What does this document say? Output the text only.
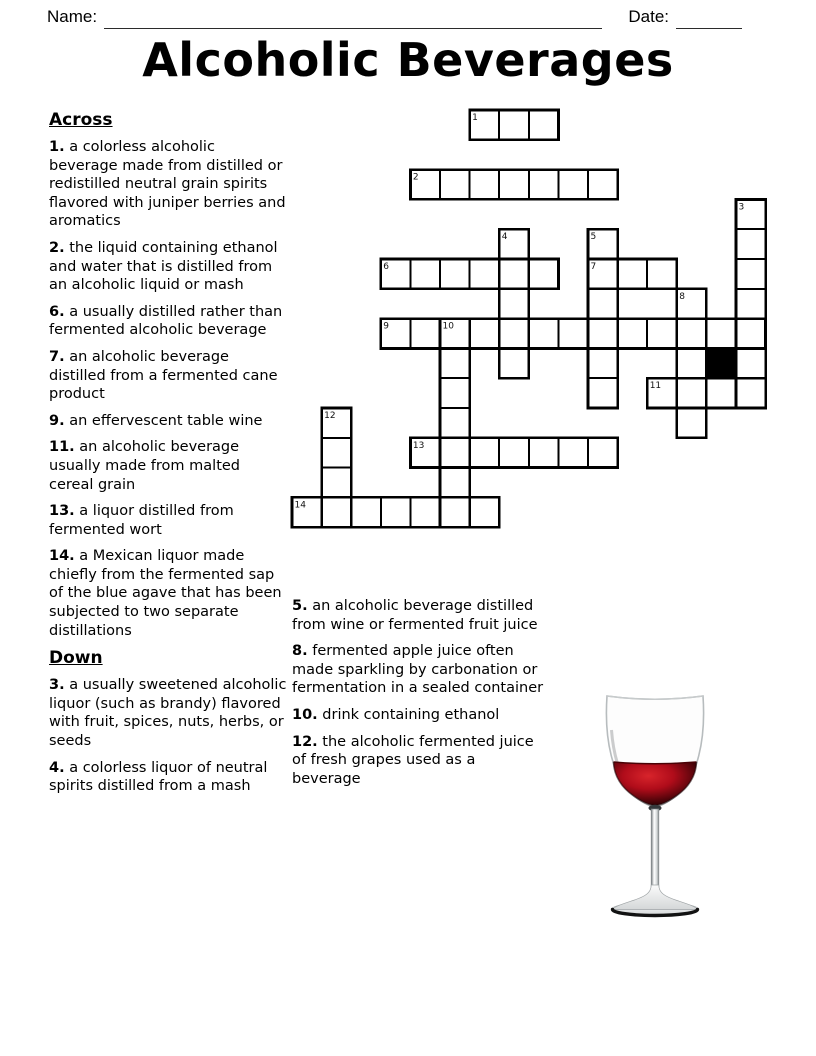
Name:	Date:
Alcoholic Beverages
Across

1. a colorless alcoholic beverage made from distilled or redistilled neutral grain spirits flavored with juniper berries and aromatics

2. the liquid containing ethanol and water that is distilled from an alcoholic liquid or mash

6. a usually distilled rather than fermented alcoholic beverage

7. an alcoholic beverage distilled from a fermented cane product

9. an effervescent table wine

11. an alcoholic beverage usually made from malted cereal grain

13. a liquor distilled from fermented wort

14. a Mexican liquor made chiefly from the fermented sap of the blue agave that has been subjected to two separate distillations

Down

3. a usually sweetened alcoholic liquor (such as brandy) flavored with fruit, spices, nuts, herbs, or seeds

4. a colorless liquor of neutral spirits distilled from a mash

5. an alcoholic beverage distilled from wine or fermented fruit juice

8. fermented apple juice often made sparkling by carbonation or fermentation in a sealed container

10. drink containing ethanol

12. the alcoholic fermented juice of fresh grapes used as a beverage

1
2
3
4	5
6	7
8
9	10
11
12
13
14
